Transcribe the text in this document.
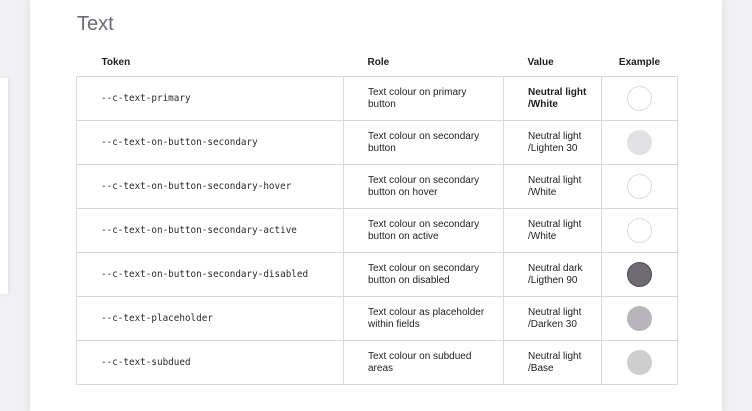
Text
Token	Role	Value	Example
--c-text-primary	Text colour on primary button	Neutral light /White	
--c-text-on-button-secondary	Text colour on secondary button	Neutral light /Lighten 30	
--c-text-on-button-secondary-hover	Text colour on secondary button on hover	Neutral light /White	
--c-text-on-button-secondary-active	Text colour on secondary button on active	Neutral light /White	
--c-text-on-button-secondary-disabled	Text colour on secondary button on disabled	Neutral dark /Ligthen 90	
--c-text-placeholder	Text colour as placeholder within fields	Neutral light /Darken 30	
--c-text-subdued	Text colour on subdued areas	Neutral light /Base	
